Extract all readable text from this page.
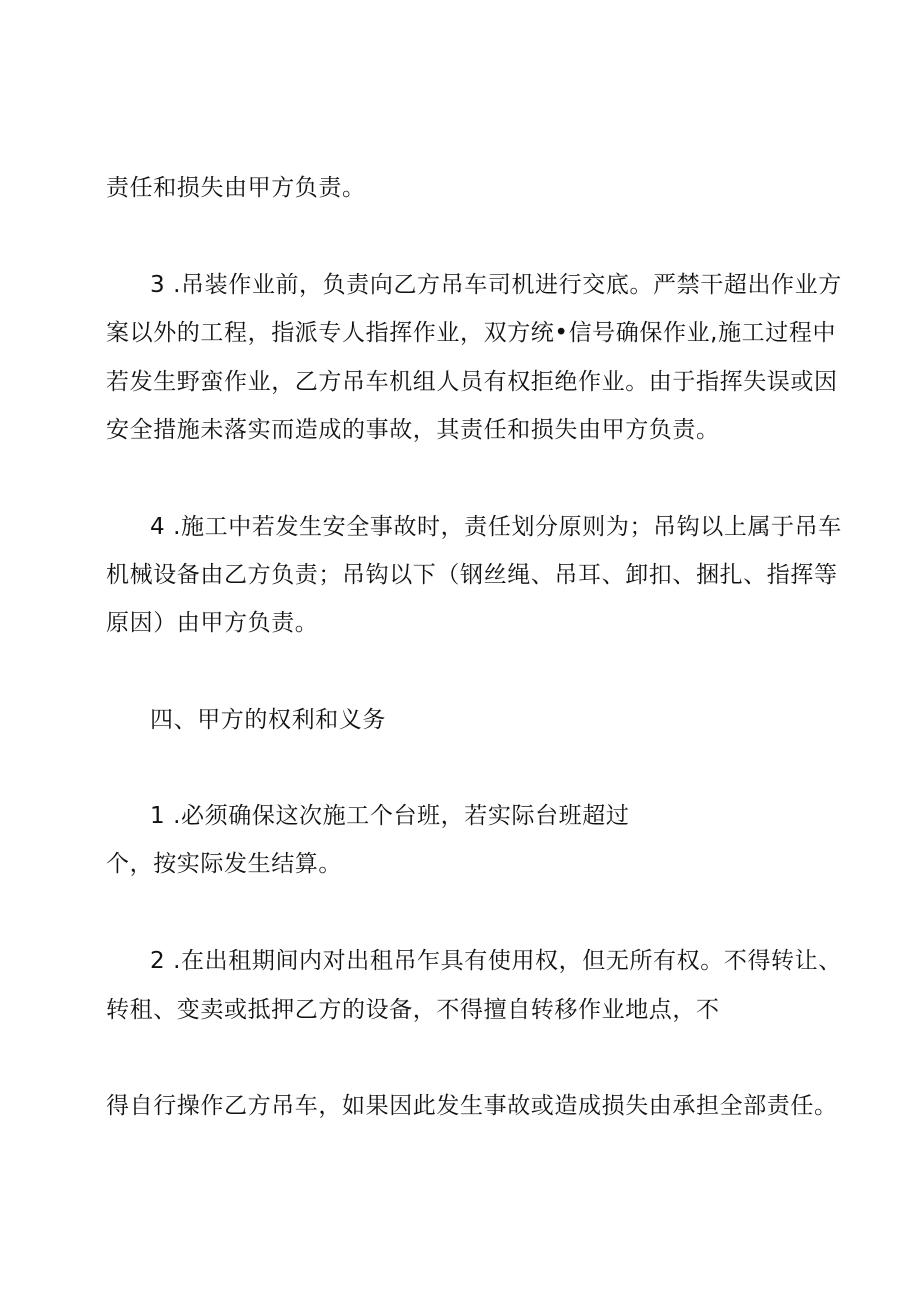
责任和损失由甲方负责。
3 .吊装作业前，负责向乙方吊车司机进行交底。严禁干超出作业方
案以外的工程，指派专人指挥作业，双方统•信号确保作业,施工过程中
若发生野蛮作业，乙方吊车机组人员有权拒绝作业。由于指挥失误或因
安全措施未落实而造成的事故，其责任和损失由甲方负责。
4 .施工中若发生安全事故时，责任划分原则为；吊钩以上属于吊车
机械设备由乙方负责；吊钩以下（钢丝绳、吊耳、卸扣、捆扎、指挥等
原因）由甲方负责。
四、甲方的权利和义务
1 .必须确保这次施工个台班，若实际台班超过
个，按实际发生结算。
2 .在出租期间内对出租吊乍具有使用权，但无所有权。不得转让、
转租、变卖或抵押乙方的设备，不得擅自转移作业地点，不
得自行操作乙方吊车，如果因此发生事故或造成损失由承担全部责任。
